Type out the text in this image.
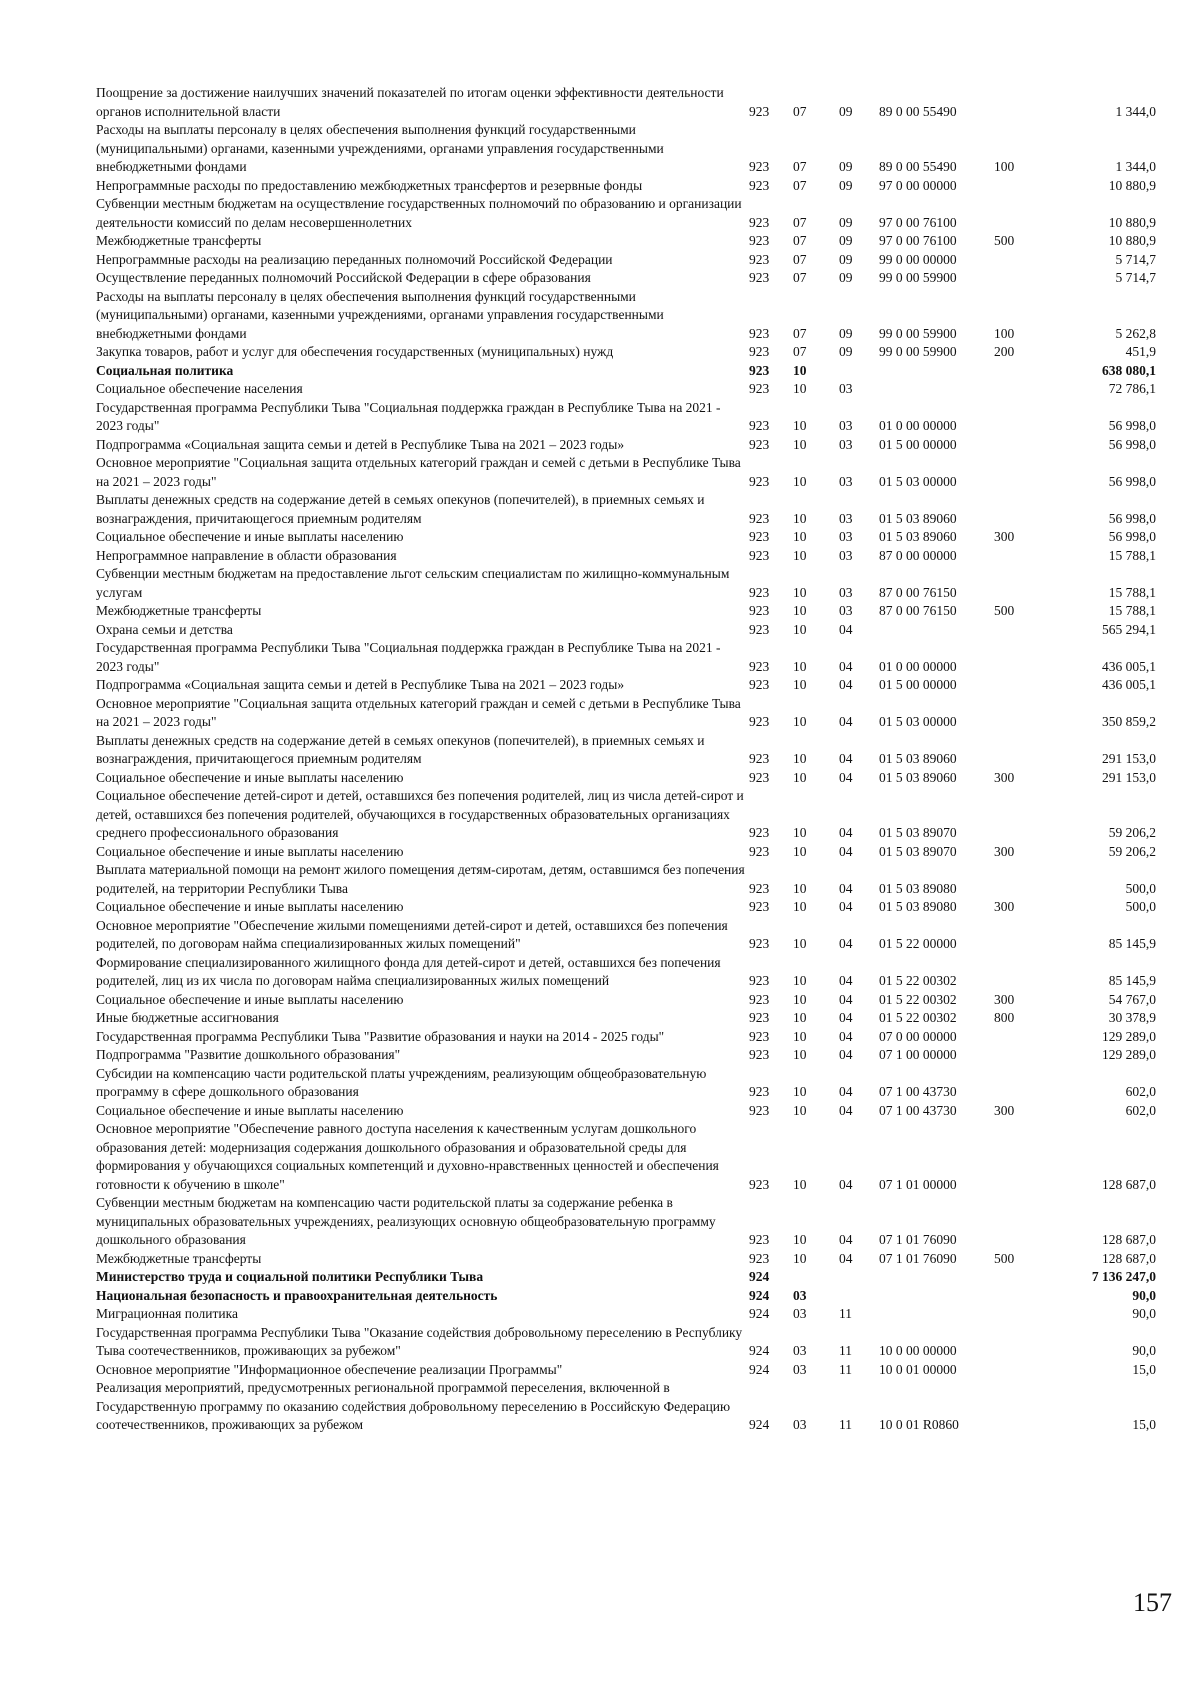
Поощрение за достижение наилучших значений показателей по итогам оценки эффективности деятельности органов исполнительной власти	923	07	09	89 0 00 55490		1 344,0
Расходы на выплаты персоналу в целях обеспечения выполнения функций государственными (муниципальными) органами, казенными учреждениями, органами управления государственными внебюджетными фондами	923	07	09	89 0 00 55490	100	1 344,0
Непрограммные расходы по предоставлению межбюджетных трансфертов и резервные фонды	923	07	09	97 0 00 00000		10 880,9
Субвенции местным бюджетам на осуществление государственных полномочий по образованию и организации деятельности комиссий по делам несовершеннолетних	923	07	09	97 0 00 76100		10 880,9
Межбюджетные трансферты	923	07	09	97 0 00 76100	500	10 880,9
Непрограммные расходы на реализацию переданных полномочий Российской Федерации	923	07	09	99 0 00 00000		5 714,7
Осуществление переданных полномочий Российской Федерации в сфере образования	923	07	09	99 0 00 59900		5 714,7
Расходы на выплаты персоналу в целях обеспечения выполнения функций государственными (муниципальными) органами, казенными учреждениями, органами управления государственными внебюджетными фондами	923	07	09	99 0 00 59900	100	5 262,8
Закупка товаров, работ и услуг для обеспечения государственных (муниципальных) нужд	923	07	09	99 0 00 59900	200	451,9
Социальная политика	923	10				638 080,1
Социальное обеспечение населения	923	10	03			72 786,1
Государственная программа Республики Тыва "Социальная поддержка граждан в Республике Тыва на 2021 - 2023 годы"	923	10	03	01 0 00 00000		56 998,0
Подпрограмма «Социальная защита семьи и детей в Республике Тыва на 2021 – 2023 годы»	923	10	03	01 5 00 00000		56 998,0
Основное мероприятие "Социальная защита отдельных категорий граждан и семей с детьми в Республике Тыва на 2021 – 2023 годы"	923	10	03	01 5 03 00000		56 998,0
Выплаты денежных средств на содержание детей в семьях опекунов (попечителей), в приемных семьях и вознаграждения, причитающегося приемным родителям	923	10	03	01 5 03 89060		56 998,0
Социальное обеспечение и иные выплаты населению	923	10	03	01 5 03 89060	300	56 998,0
Непрограммное направление в области образования	923	10	03	87 0 00 00000		15 788,1
Субвенции местным бюджетам на предоставление льгот сельским специалистам по жилищно-коммунальным услугам	923	10	03	87 0 00 76150		15 788,1
Межбюджетные трансферты	923	10	03	87 0 00 76150	500	15 788,1
Охрана семьи и детства	923	10	04			565 294,1
Государственная программа Республики Тыва "Социальная поддержка граждан в Республике Тыва на 2021 - 2023 годы"	923	10	04	01 0 00 00000		436 005,1
Подпрограмма «Социальная защита семьи и детей в Республике Тыва на 2021 – 2023 годы»	923	10	04	01 5 00 00000		436 005,1
Основное мероприятие "Социальная защита отдельных категорий граждан и семей с детьми в Республике Тыва на 2021 – 2023 годы"	923	10	04	01 5 03 00000		350 859,2
Выплаты денежных средств на содержание детей в семьях опекунов (попечителей), в приемных семьях и вознаграждения, причитающегося приемным родителям	923	10	04	01 5 03 89060		291 153,0
Социальное обеспечение и иные выплаты населению	923	10	04	01 5 03 89060	300	291 153,0
Социальное обеспечение детей-сирот и детей, оставшихся без попечения родителей, лиц из числа детей-сирот и детей, оставшихся без попечения родителей, обучающихся в государственных образовательных организациях среднего профессионального образования	923	10	04	01 5 03 89070		59 206,2
Социальное обеспечение и иные выплаты населению	923	10	04	01 5 03 89070	300	59 206,2
Выплата материальной помощи на ремонт жилого помещения детям-сиротам, детям, оставшимся без попечения родителей, на территории Республики Тыва	923	10	04	01 5 03 89080		500,0
Социальное обеспечение и иные выплаты населению	923	10	04	01 5 03 89080	300	500,0
Основное мероприятие "Обеспечение жилыми помещениями детей-сирот и детей, оставшихся без попечения родителей, по договорам найма специализированных жилых помещений"	923	10	04	01 5 22 00000		85 145,9
Формирование специализированного жилищного фонда для детей-сирот и детей, оставшихся без попечения родителей, лиц из их числа по договорам найма специализированных жилых помещений	923	10	04	01 5 22 00302		85 145,9
Социальное обеспечение и иные выплаты населению	923	10	04	01 5 22 00302	300	54 767,0
Иные бюджетные ассигнования	923	10	04	01 5 22 00302	800	30 378,9
Государственная программа Республики Тыва "Развитие образования и науки на 2014 - 2025 годы"	923	10	04	07 0 00 00000		129 289,0
Подпрограмма "Развитие дошкольного образования"	923	10	04	07 1 00 00000		129 289,0
Субсидии на компенсацию части родительской платы учреждениям, реализующим общеобразовательную программу в сфере дошкольного образования	923	10	04	07 1 00 43730		602,0
Социальное обеспечение и иные выплаты населению	923	10	04	07 1 00 43730	300	602,0
Основное мероприятие "Обеспечение равного доступа населения к качественным услугам дошкольного образования детей: модернизация содержания дошкольного образования и образовательной среды для формирования у обучающихся социальных компетенций и духовно-нравственных ценностей и обеспечения готовности к обучению в школе"	923	10	04	07 1 01 00000		128 687,0
Субвенции местным бюджетам на компенсацию части родительской платы за содержание ребенка в муниципальных образовательных учреждениях, реализующих основную общеобразовательную программу дошкольного образования	923	10	04	07 1 01 76090		128 687,0
Межбюджетные трансферты	923	10	04	07 1 01 76090	500	128 687,0
Министерство труда и социальной политики Республики Тыва	924					7 136 247,0
Национальная безопасность и правоохранительная деятельность	924	03				90,0
Миграционная политика	924	03	11			90,0
Государственная программа Республики Тыва "Оказание содействия добровольному переселению в Республику Тыва соотечественников, проживающих за рубежом"	924	03	11	10 0 00 00000		90,0
Основное мероприятие "Информационное обеспечение реализации Программы"	924	03	11	10 0 01 00000		15,0
Реализация мероприятий, предусмотренных региональной программой переселения, включенной в Государственную программу по оказанию содействия добровольному переселению в Российскую Федерацию соотечественников, проживающих за рубежом	924	03	11	10 0 01 R0860		15,0
157
